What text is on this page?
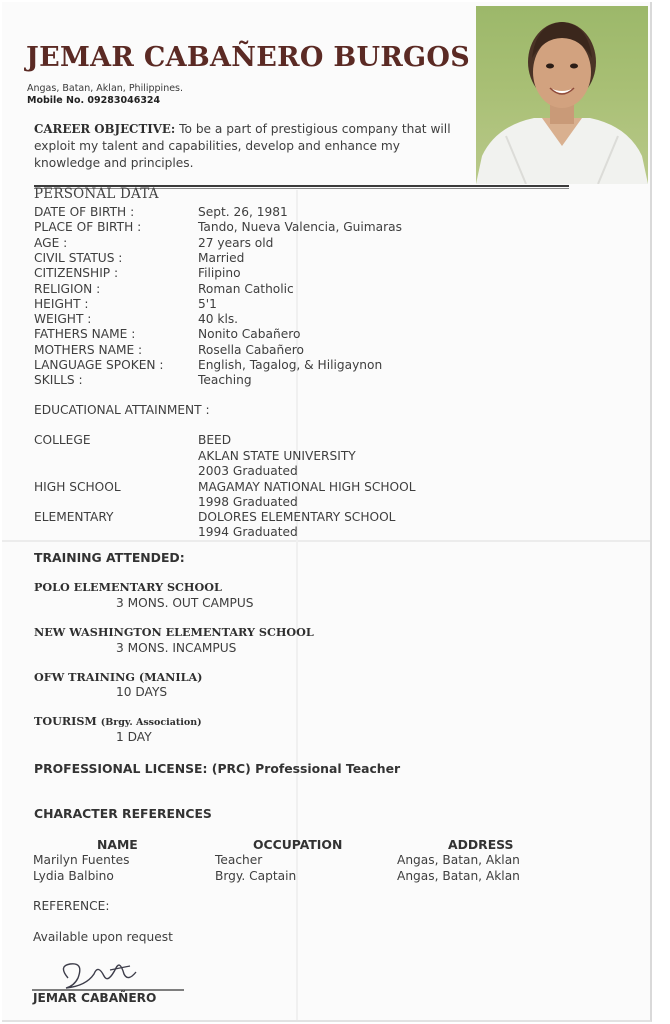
JEMAR CABAÑERO BURGOS
Angas, Batan, Aklan, Philippines.
Mobile No. 09283046324
CAREER OBJECTIVE: To be a part of prestigious company that will exploit my talent and capabilities, develop and enhance my knowledge and principles.
PERSONAL DATA
DATE OF BIRTH :	Sept. 26, 1981
PLACE OF BIRTH :	Tando, Nueva Valencia, Guimaras
AGE :	27 years old
CIVIL STATUS :	Married
CITIZENSHIP :	Filipino
RELIGION :	Roman Catholic
HEIGHT :	5'1
WEIGHT :	40 kls.
FATHERS NAME :	Nonito Cabañero
MOTHERS NAME :	Rosella Cabañero
LANGUAGE SPOKEN :	English, Tagalog, & Hiligaynon
SKILLS :	Teaching
EDUCATIONAL ATTAINMENT :
COLLEGE	BEED
AKLAN STATE UNIVERSITY
2003 Graduated
HIGH SCHOOL	MAGAMAY NATIONAL HIGH SCHOOL
1998 Graduated
ELEMENTARY	DOLORES ELEMENTARY SCHOOL
1994 Graduated
TRAINING ATTENDED:
POLO ELEMENTARY SCHOOL
3 MONS. OUT CAMPUS
NEW WASHINGTON ELEMENTARY SCHOOL
3 MONS. INCAMPUS
OFW TRAINING (MANILA)
10 DAYS
TOURISM (Brgy. Association)
1 DAY
PROFESSIONAL LICENSE: (PRC) Professional Teacher
CHARACTER REFERENCES
NAME	OCCUPATION	ADDRESS
Marilyn Fuentes	Teacher	Angas, Batan, Aklan
Lydia Balbino	Brgy. Captain	Angas, Batan, Aklan
REFERENCE:
Available upon request
JEMAR CABAÑERO
